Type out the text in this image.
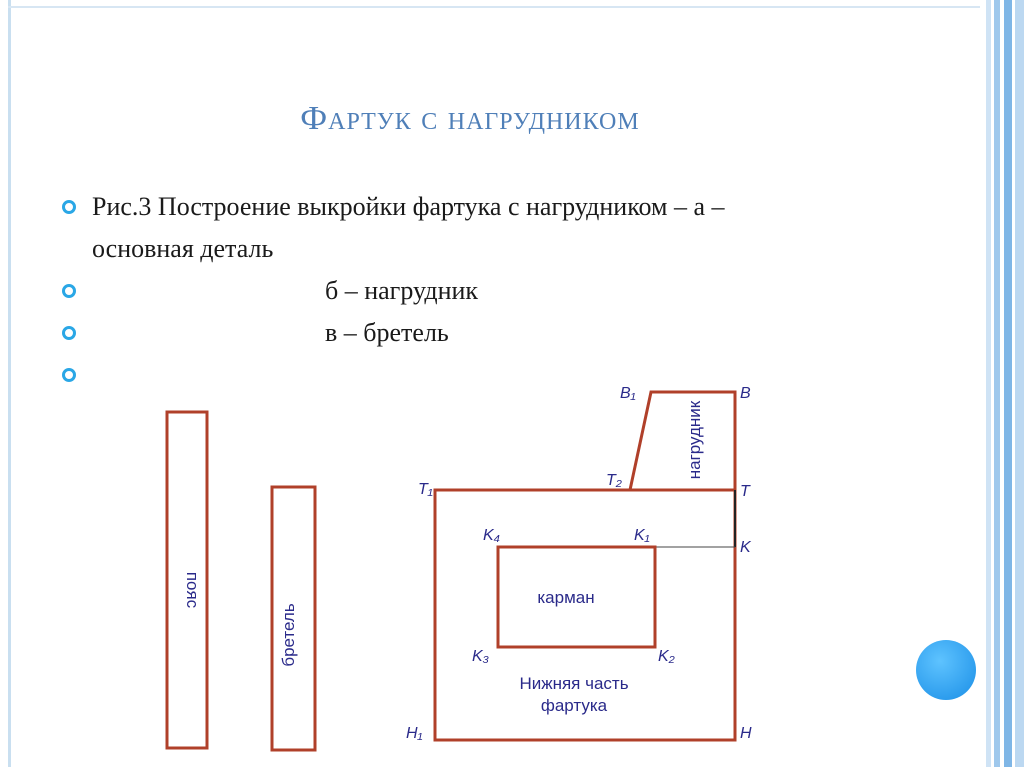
Фартук с нагрудником
Рис.3 Построение выкройки фартука с нагрудником – а – основная деталь
б – нагрудник
в – бретель
пояс
бретель
нагрудник
карман
Нижняя часть
фартука
B₁	B
T₁
T₂
T
K₄	K₁
K
K₃	K₂
H₁	H
